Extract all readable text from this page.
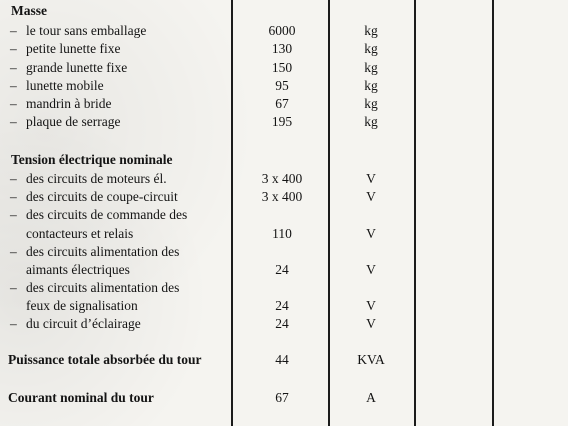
Masse
– le tour sans emballage	6000	kg
– petite lunette fixe	130	kg
– grande lunette fixe	150	kg
– lunette mobile	95	kg
– mandrin à bride	67	kg
– plaque de serrage	195	kg
Tension électrique nominale
– des circuits de moteurs él.	3 x 400	V
– des circuits de coupe-circuit	3 x 400	V
– des circuits de commande des
contacteurs et relais	110	V
– des circuits alimentation des
aimants électriques	24	V
– des circuits alimentation des
feux de signalisation	24	V
– du circuit d’éclairage	24	V
Puissance totale absorbée du tour	44	KVA
Courant nominal du tour	67	A
